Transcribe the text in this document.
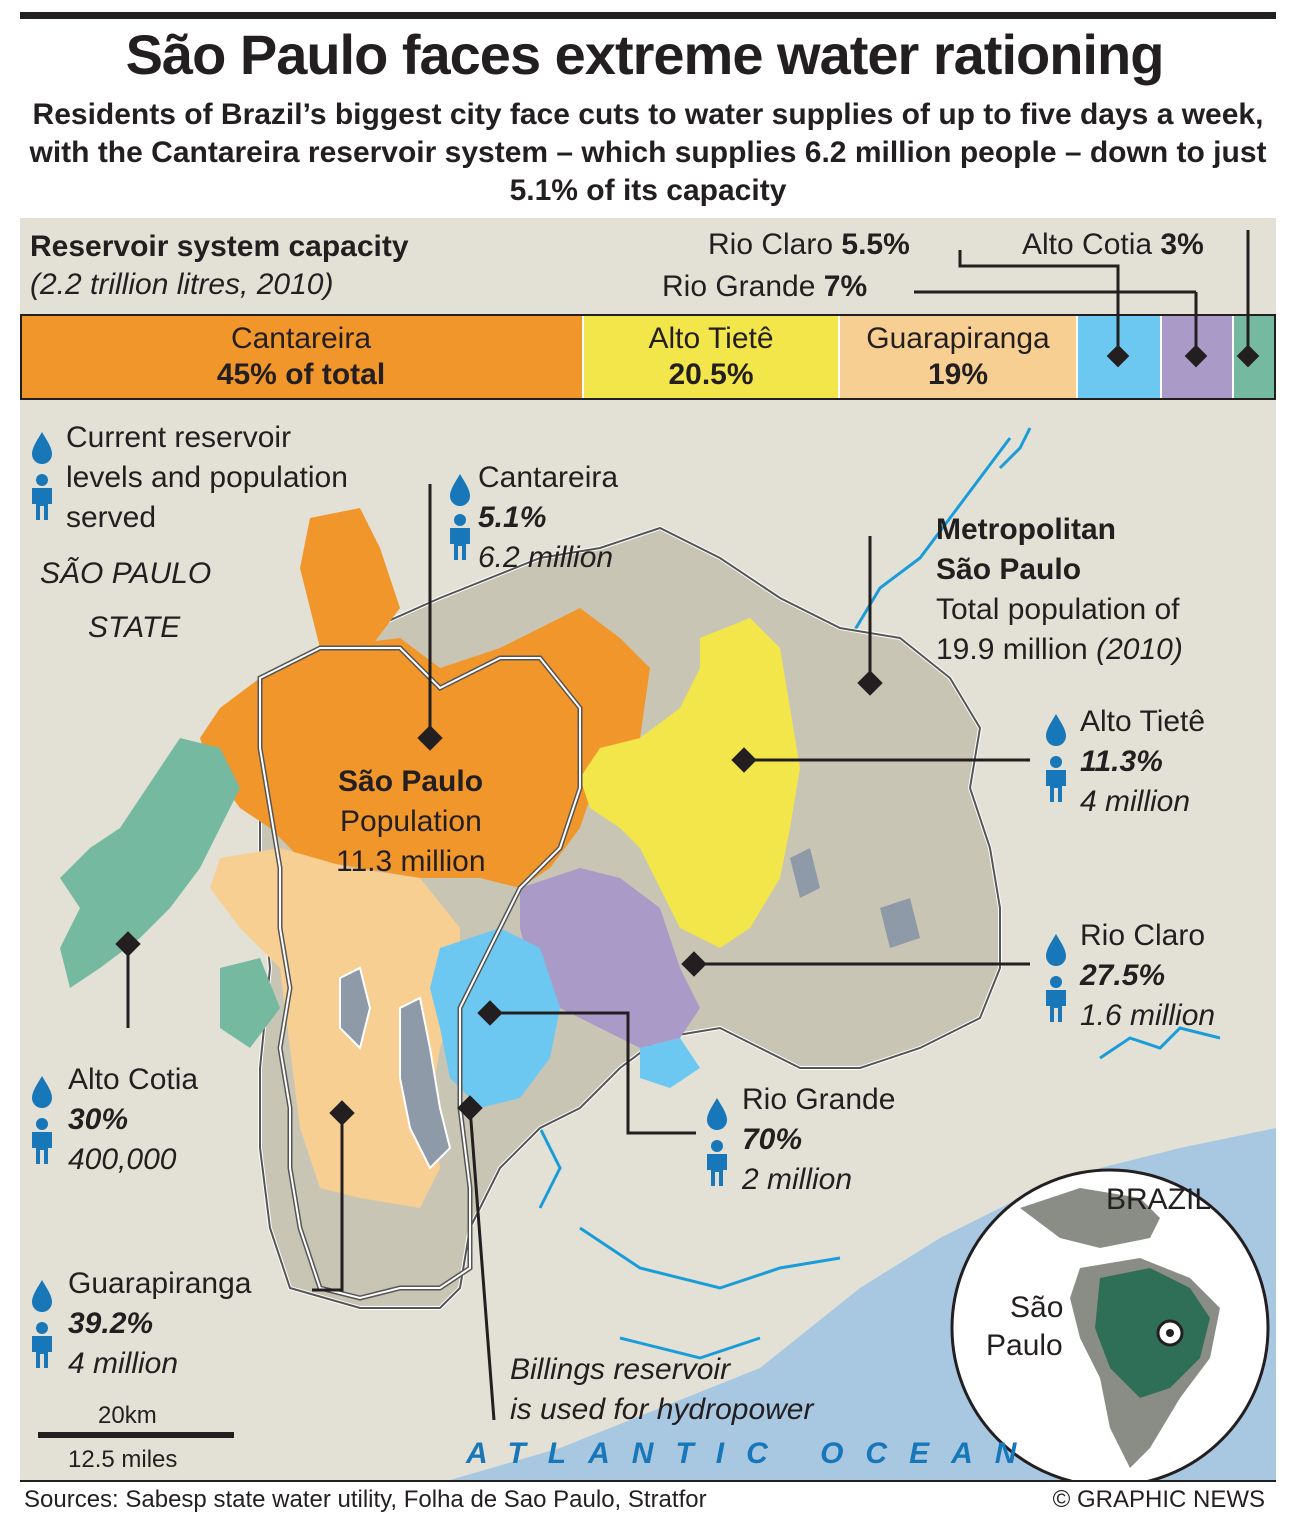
São Paulo faces extreme water rationing
Residents of Brazil’s biggest city face cuts to water supplies of up to five days a week, with the Cantareira reservoir system – which supplies 6.2 million people – down to just 5.1% of its capacity
Reservoir system capacity
(2.2 trillion litres, 2010)
Cantareira
45% of total
Alto Tietê
20.5%
Guarapiranga
19%
Rio Claro 5.5%
Rio Grande 7%
Alto Cotia 3%
Current reservoir
levels and population
served
SÃO PAULO
STATE
Cantareira
5.1%
6.2 million
Metropolitan
São Paulo
Total population of
19.9 million (2010)
São Paulo
Population
11.3 million
Alto Tietê
11.3%
4 million
Rio Claro
27.5%
1.6 million
Rio Grande
70%
2 million
Alto Cotia
30%
400,000
Guarapiranga
39.2%
4 million	Billings reservoir
is used for hydropower
20km
12.5 miles	ATLANTIC OCEAN
BRAZIL
São
Paulo
Sources: Sabesp state water utility, Folha de Sao Paulo, Stratfor	© GRAPHIC NEWS
